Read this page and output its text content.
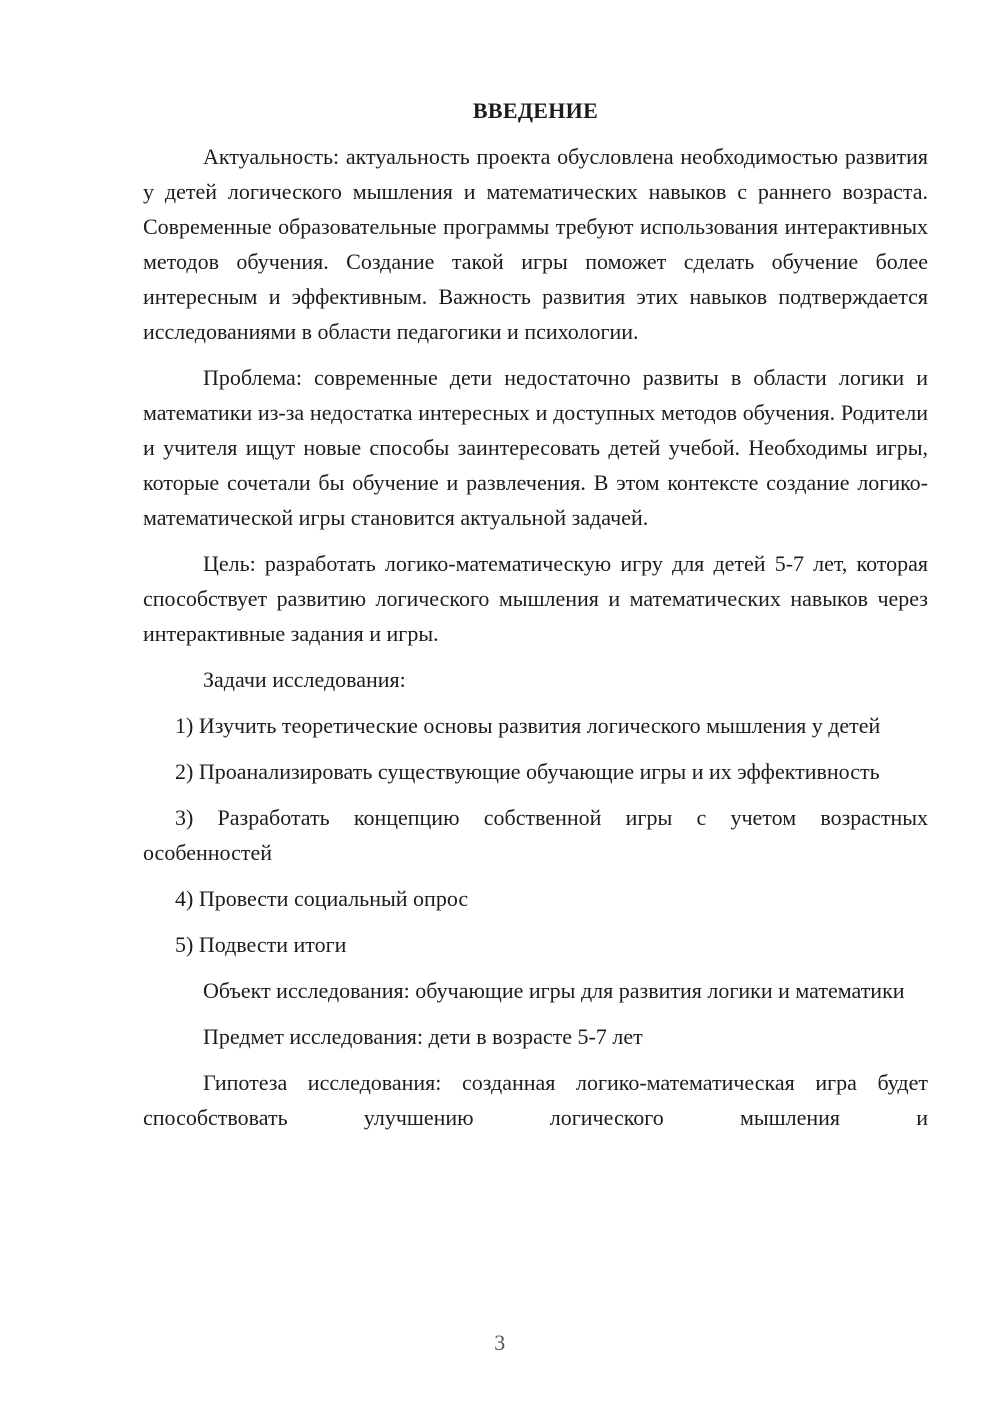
ВВЕДЕНИЕ

Актуальность: актуальность проекта обусловлена необходимостью развития у детей логического мышления и математических навыков с раннего возраста. Современные образовательные программы требуют использования интерактивных методов обучения. Создание такой игры поможет сделать обучение более интересным и эффективным. Важность развития этих навыков подтверждается исследованиями в области педагогики и психологии.

Проблема: современные дети недостаточно развиты в области логики и математики из-за недостатка интересных и доступных методов обучения. Родители и учителя ищут новые способы заинтересовать детей учебой. Необходимы игры, которые сочетали бы обучение и развлечения. В этом контексте создание логико-математической игры становится актуальной задачей.

Цель: разработать логико-математическую игру для детей 5-7 лет, которая способствует развитию логического мышления и математических навыков через интерактивные задания и игры.

Задачи исследования:

1) Изучить теоретические основы развития логического мышления у детей

2) Проанализировать существующие обучающие игры и их эффективность

3) Разработать концепцию собственной игры с учетом возрастных особенностей

4) Провести социальный опрос

5) Подвести итоги

Объект исследования: обучающие игры для развития логики и математики

Предмет исследования: дети в возрасте 5-7 лет

Гипотеза исследования: созданная логико-математическая игра будет способствовать улучшению логического мышления и

3
